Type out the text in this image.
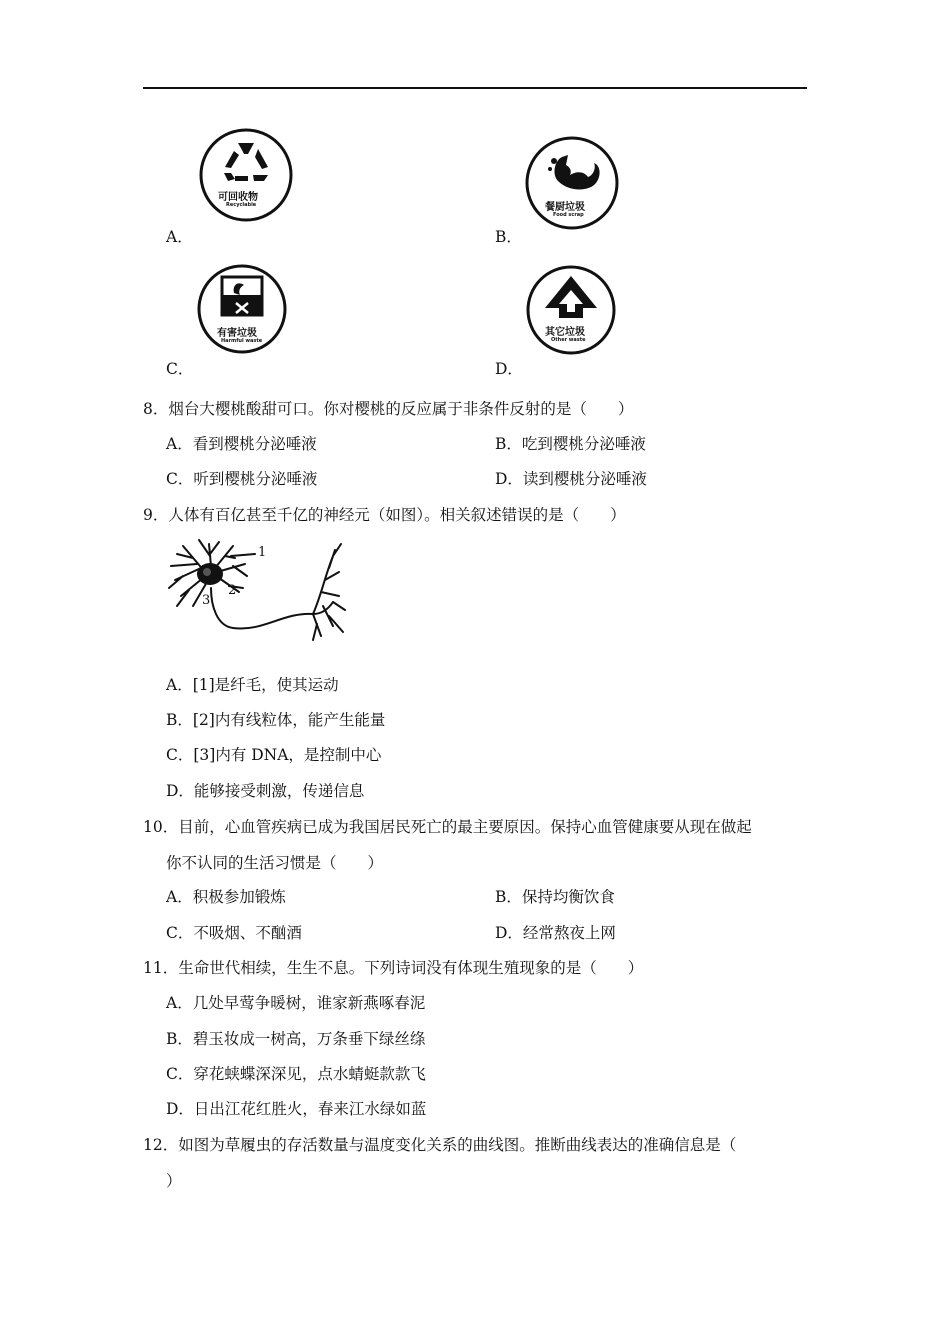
可回收物
Recyclable
A．
餐厨垃圾
Food scrap
B．
有害垃圾
Harmful waste
C．
其它垃圾
Other waste
D．
8．烟台大樱桃酸甜可口。你对樱桃的反应属于非条件反射的是（　　）
A．看到樱桃分泌唾液	B．吃到樱桃分泌唾液
C．听到樱桃分泌唾液	D．读到樱桃分泌唾液
9．人体有百亿甚至千亿的神经元（如图）。相关叙述错误的是（　　）
1
2
3
A．[1]是纤毛，使其运动
B．[2]内有线粒体，能产生能量
C．[3]内有 DNA，是控制中心
D．能够接受刺激，传递信息
10．目前，心血管疾病已成为我国居民死亡的最主要原因。保持心血管健康要从现在做起
你不认同的生活习惯是（　　）
A．积极参加锻炼	B．保持均衡饮食
C．不吸烟、不酗酒	D．经常熬夜上网
11．生命世代相续，生生不息。下列诗词没有体现生殖现象的是（　　）
A．几处早莺争暖树，谁家新燕啄春泥
B．碧玉妆成一树高，万条垂下绿丝绦
C．穿花蛱蝶深深见，点水蜻蜓款款飞
D．日出江花红胜火，春来江水绿如蓝
12．如图为草履虫的存活数量与温度变化关系的曲线图。推断曲线表达的准确信息是（
）
